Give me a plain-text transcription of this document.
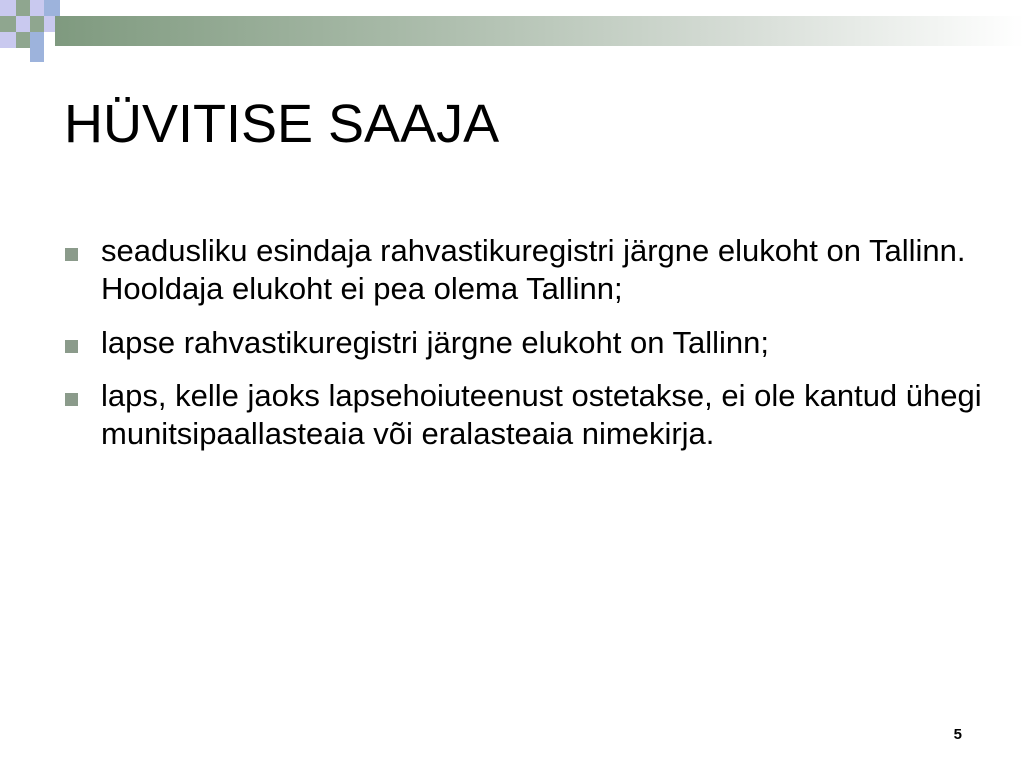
HÜVITISE SAAJA
seadusliku esindaja rahvastikuregistri järgne elukoht on Tallinn. Hooldaja elukoht ei pea olema Tallinn;
lapse rahvastikuregistri järgne elukoht on Tallinn;
laps, kelle jaoks lapsehoiuteenust ostetakse, ei ole kantud ühegi munitsipaallasteaia või eralasteaia nimekirja.
5
